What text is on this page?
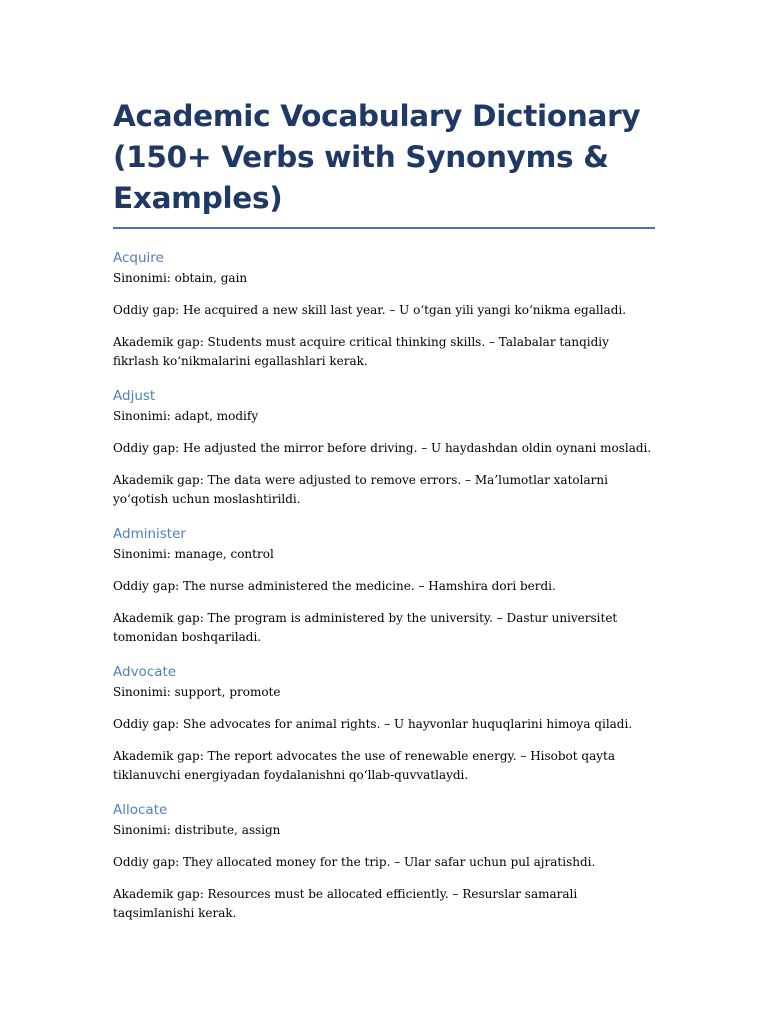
Academic Vocabulary Dictionary (150+ Verbs with Synonyms & Examples)
Acquire

Sinonimi: obtain, gain

Oddiy gap: He acquired a new skill last year. – U o‘tgan yili yangi ko‘nikma egalladi.

Akademik gap: Students must acquire critical thinking skills. – Talabalar tanqidiy fikrlash ko‘nikmalarini egallashlari kerak.

Adjust

Sinonimi: adapt, modify

Oddiy gap: He adjusted the mirror before driving. – U haydashdan oldin oynani mosladi.

Akademik gap: The data were adjusted to remove errors. – Ma’lumotlar xatolarni yo‘qotish uchun moslashtirildi.

Administer

Sinonimi: manage, control

Oddiy gap: The nurse administered the medicine. – Hamshira dori berdi.

Akademik gap: The program is administered by the university. – Dastur universitet tomonidan boshqariladi.

Advocate

Sinonimi: support, promote

Oddiy gap: She advocates for animal rights. – U hayvonlar huquqlarini himoya qiladi.

Akademik gap: The report advocates the use of renewable energy. – Hisobot qayta tiklanuvchi energiyadan foydalanishni qo‘llab-quvvatlaydi.

Allocate

Sinonimi: distribute, assign

Oddiy gap: They allocated money for the trip. – Ular safar uchun pul ajratishdi.

Akademik gap: Resources must be allocated efficiently. – Resurslar samarali taqsimlanishi kerak.
